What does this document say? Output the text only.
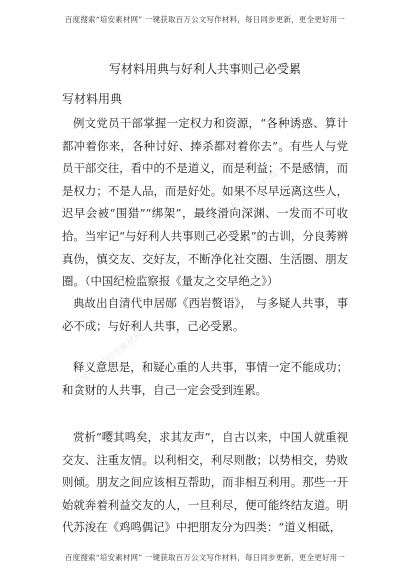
百度搜索“培安素材网” 一键获取百万公文写作材料，每日同步更新，更全更好用一
写材料用典与好利人共事则己必受累
写材料用典
例文党员干部掌握一定权力和资源，“各种诱惑、算计都冲着你来，各种讨好、捧杀都对着你去”。有些人与党员干部交往，看中的不是道义，而是利益；不是感情，而是权力；不是人品，而是好处。如果不尽早远离这些人，迟早会被“围猎”“绑架”，最终滑向深渊、一发而不可收拾。当牢记“与好利人共事则己必受累”的古训，分良莠辨真伪，慎交友、交好友，不断净化社交圈、生活圈、朋友圈。（中国纪检监察报《量友之交早绝之》）
典故出自清代申居郧《西岩赘语》， 与多疑人共事，事必不成；与好利人共事，己必受累。
释义意思是，和疑心重的人共事，事情一定不能成功；和贪财的人共事，自己一定会受到连累。
赏析“嘤其鸣矣，求其友声”，自古以来，中国人就重视交友、注重友情。以利相交，利尽则散；以势相交，势败则倾。朋友之间应该相互帮助，而非相互利用。那些一开始就奔着利益交友的人，一旦利尽，便可能终结友道。明代苏浚在《鸡鸣偶记》中把朋友分为四类：“道义相砥，
百度搜索“培安素材网”
百度搜索“培安素材网”
百度搜索“培安素材网” 一键获取百万公文写作材料，每日同步更新，更全更好用一
